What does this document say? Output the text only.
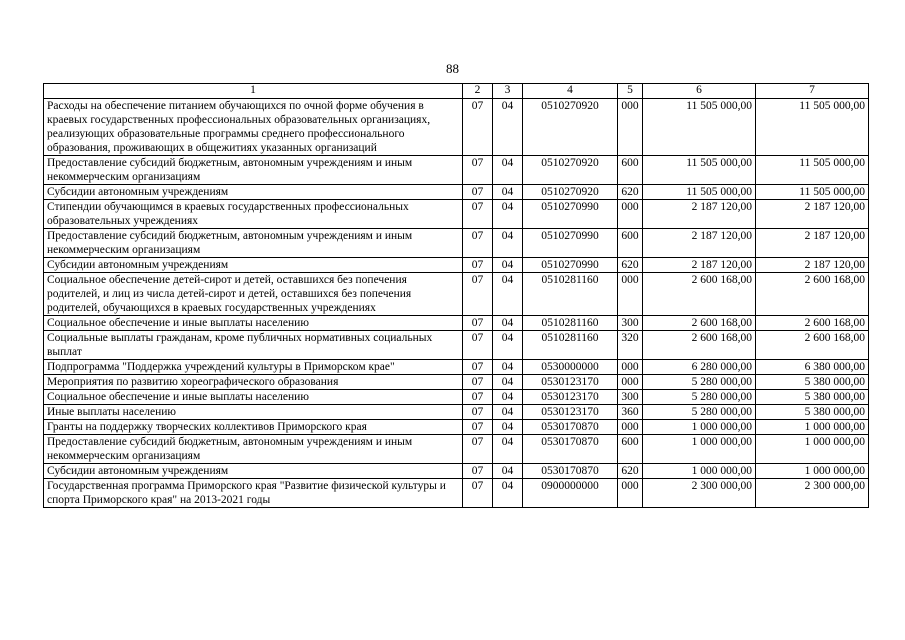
88
1	2	3	4	5	6	7
Расходы на обеспечение питанием обучающихся по очной форме обучения в краевых государственных профессиональных образовательных организациях, реализующих образовательные программы среднего профессионального образования, проживающих в общежитиях указанных организаций	07	04	0510270920	000	11 505 000,00	11 505 000,00
Предоставление субсидий бюджетным, автономным учреждениям и иным некоммерческим организациям	07	04	0510270920	600	11 505 000,00	11 505 000,00
Субсидии автономным учреждениям	07	04	0510270920	620	11 505 000,00	11 505 000,00
Стипендии обучающимся в краевых государственных профессиональных образовательных учреждениях	07	04	0510270990	000	2 187 120,00	2 187 120,00
Предоставление субсидий бюджетным, автономным учреждениям и иным некоммерческим организациям	07	04	0510270990	600	2 187 120,00	2 187 120,00
Субсидии автономным учреждениям	07	04	0510270990	620	2 187 120,00	2 187 120,00
Социальное обеспечение детей-сирот и детей, оставшихся без попечения родителей, и лиц из числа детей-сирот и детей, оставшихся без попечения родителей, обучающихся в краевых государственных учреждениях	07	04	0510281160	000	2 600 168,00	2 600 168,00
Социальное обеспечение и иные выплаты населению	07	04	0510281160	300	2 600 168,00	2 600 168,00
Социальные выплаты гражданам, кроме публичных нормативных социальных выплат	07	04	0510281160	320	2 600 168,00	2 600 168,00
Подпрограмма "Поддержка учреждений культуры в Приморском крае"	07	04	0530000000	000	6 280 000,00	6 380 000,00
Мероприятия по развитию хореографического образования	07	04	0530123170	000	5 280 000,00	5 380 000,00
Социальное обеспечение и иные выплаты населению	07	04	0530123170	300	5 280 000,00	5 380 000,00
Иные выплаты населению	07	04	0530123170	360	5 280 000,00	5 380 000,00
Гранты на поддержку творческих коллективов Приморского края	07	04	0530170870	000	1 000 000,00	1 000 000,00
Предоставление субсидий бюджетным, автономным учреждениям и иным некоммерческим организациям	07	04	0530170870	600	1 000 000,00	1 000 000,00
Субсидии автономным учреждениям	07	04	0530170870	620	1 000 000,00	1 000 000,00
Государственная программа Приморского края "Развитие физической культуры и спорта Приморского края" на 2013-2021 годы	07	04	0900000000	000	2 300 000,00	2 300 000,00
